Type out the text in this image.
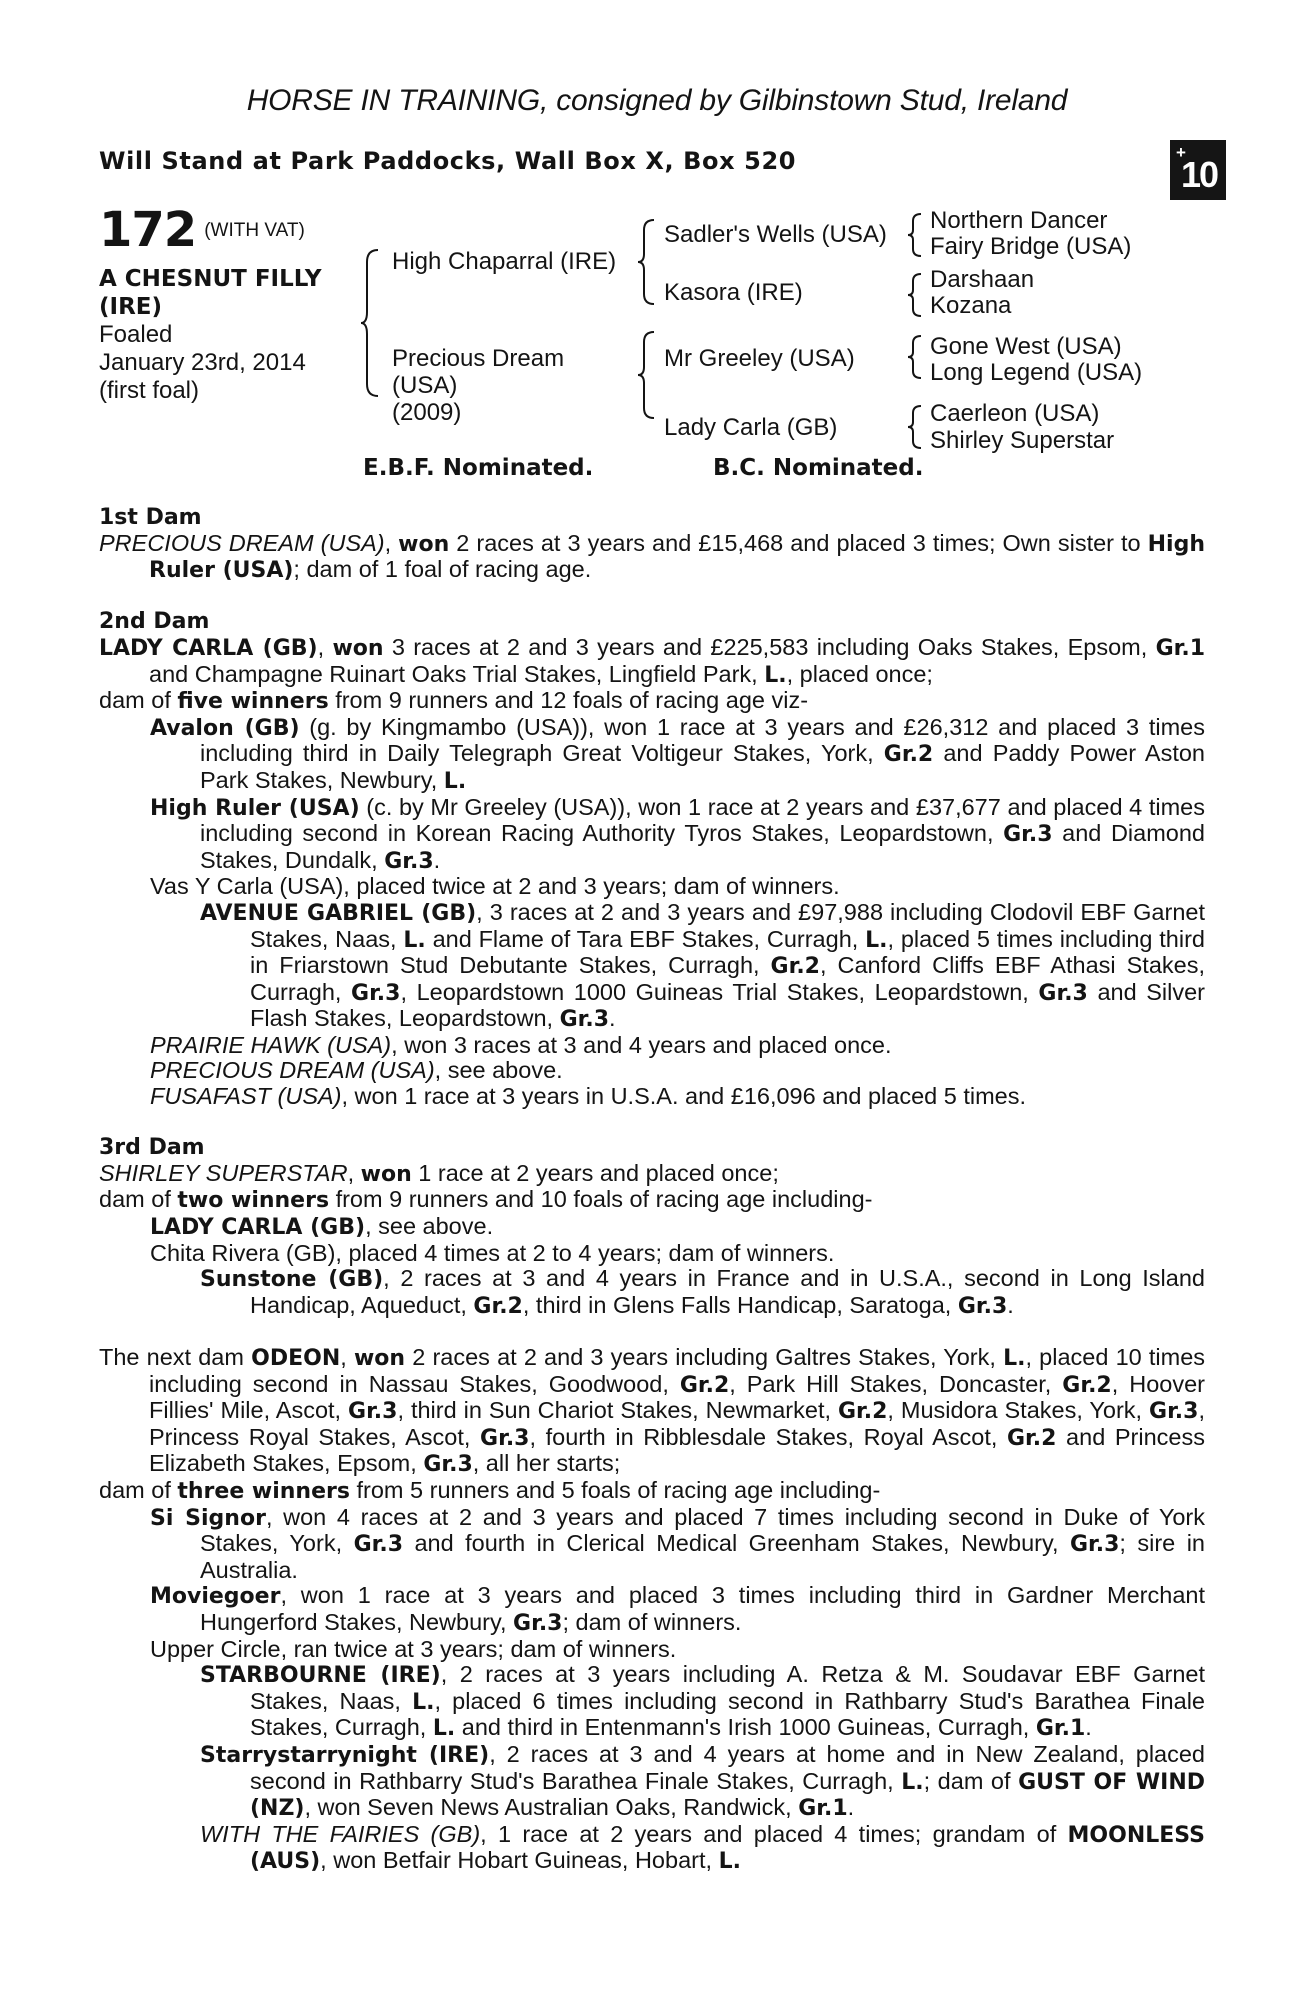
HORSE IN TRAINING, consigned by Gilbinstown Stud, Ireland
Will Stand at Park Paddocks, Wall Box X, Box 520	+
10
172 $^{(WITH VAT)}$
A CHESNUT FILLY
(IRE)
Foaled
January 23rd, 2014
(first foal)
High Chaparral (IRE)
Precious Dream
(USA)
(2009)
Sadler's Wells (USA)
Kasora (IRE)
Mr Greeley (USA)
Lady Carla (GB)
Northern Dancer
Fairy Bridge (USA)
Darshaan
Kozana
Gone West (USA)
Long Legend (USA)
Caerleon (USA)
Shirley Superstar
E.B.F. Nominated.	B.C. Nominated.
1st Dam
PRECIOUS DREAM (USA), won 2 races at 3 years and £15,468 and placed 3 times; Own sister to High Ruler (USA); dam of 1 foal of racing age.
2nd Dam
LADY CARLA (GB), won 3 races at 2 and 3 years and £225,583 including Oaks Stakes, Epsom, Gr.1 and Champagne Ruinart Oaks Trial Stakes, Lingfield Park, L., placed once;
dam of five winners from 9 runners and 12 foals of racing age viz-
Avalon (GB) (g. by Kingmambo (USA)), won 1 race at 3 years and £26,312 and placed 3 times including third in Daily Telegraph Great Voltigeur Stakes, York, Gr.2 and Paddy Power Aston Park Stakes, Newbury, L.
High Ruler (USA) (c. by Mr Greeley (USA)), won 1 race at 2 years and £37,677 and placed 4 times including second in Korean Racing Authority Tyros Stakes, Leopardstown, Gr.3 and Diamond Stakes, Dundalk, Gr.3.
Vas Y Carla (USA), placed twice at 2 and 3 years; dam of winners.
AVENUE GABRIEL (GB), 3 races at 2 and 3 years and £97,988 including Clodovil EBF Garnet Stakes, Naas, L. and Flame of Tara EBF Stakes, Curragh, L., placed 5 times including third in Friarstown Stud Debutante Stakes, Curragh, Gr.2, Canford Cliffs EBF Athasi Stakes, Curragh, Gr.3, Leopardstown 1000 Guineas Trial Stakes, Leopardstown, Gr.3 and Silver Flash Stakes, Leopardstown, Gr.3.
PRAIRIE HAWK (USA), won 3 races at 3 and 4 years and placed once.
PRECIOUS DREAM (USA), see above.
FUSAFAST (USA), won 1 race at 3 years in U.S.A. and £16,096 and placed 5 times.
3rd Dam
SHIRLEY SUPERSTAR, won 1 race at 2 years and placed once;
dam of two winners from 9 runners and 10 foals of racing age including-
LADY CARLA (GB), see above.
Chita Rivera (GB), placed 4 times at 2 to 4 years; dam of winners.
Sunstone (GB), 2 races at 3 and 4 years in France and in U.S.A., second in Long Island Handicap, Aqueduct, Gr.2, third in Glens Falls Handicap, Saratoga, Gr.3.
The next dam ODEON, won 2 races at 2 and 3 years including Galtres Stakes, York, L., placed 10 times including second in Nassau Stakes, Goodwood, Gr.2, Park Hill Stakes, Doncaster, Gr.2, Hoover Fillies' Mile, Ascot, Gr.3, third in Sun Chariot Stakes, Newmarket, Gr.2, Musidora Stakes, York, Gr.3, Princess Royal Stakes, Ascot, Gr.3, fourth in Ribblesdale Stakes, Royal Ascot, Gr.2 and Princess Elizabeth Stakes, Epsom, Gr.3, all her starts;
dam of three winners from 5 runners and 5 foals of racing age including-
Si Signor, won 4 races at 2 and 3 years and placed 7 times including second in Duke of York Stakes, York, Gr.3 and fourth in Clerical Medical Greenham Stakes, Newbury, Gr.3; sire in Australia.
Moviegoer, won 1 race at 3 years and placed 3 times including third in Gardner Merchant Hungerford Stakes, Newbury, Gr.3; dam of winners.
Upper Circle, ran twice at 3 years; dam of winners.
STARBOURNE (IRE), 2 races at 3 years including A. Retza & M. Soudavar EBF Garnet Stakes, Naas, L., placed 6 times including second in Rathbarry Stud's Barathea Finale Stakes, Curragh, L. and third in Entenmann's Irish 1000 Guineas, Curragh, Gr.1.
Starrystarrynight (IRE), 2 races at 3 and 4 years at home and in New Zealand, placed second in Rathbarry Stud's Barathea Finale Stakes, Curragh, L.; dam of GUST OF WIND (NZ), won Seven News Australian Oaks, Randwick, Gr.1.
WITH THE FAIRIES (GB), 1 race at 2 years and placed 4 times; grandam of MOONLESS (AUS), won Betfair Hobart Guineas, Hobart, L.
